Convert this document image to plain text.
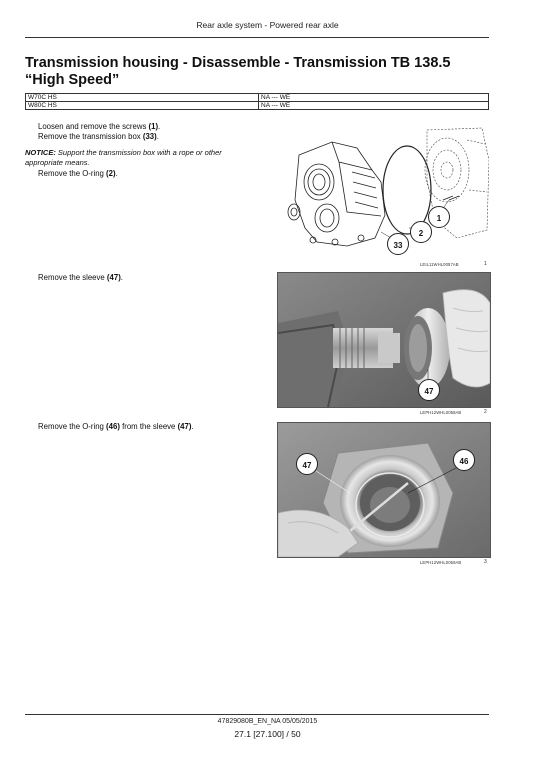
Rear axle system - Powered rear axle
Transmission housing - Disassemble - Transmission TB 138.5
“High Speed”
W70C HS	NA --- WE
W80C HS	NA --- WE
Loosen and remove the screws (1).
Remove the transmission box (33).
NOTICE: Support the transmission box with a rope or other
appropriate means.
Remove the O-ring (2).
1
2
33
LEIL11WHL0057AB	1
Remove the sleeve (47).
47
LEPH12WHL0058AB	2
Remove the O-ring (46) from the sleeve (47).
47	46
LEPH12WHL0059AB	3
47829080B_EN_NA 05/05/2015
27.1 [27.100] / 50
